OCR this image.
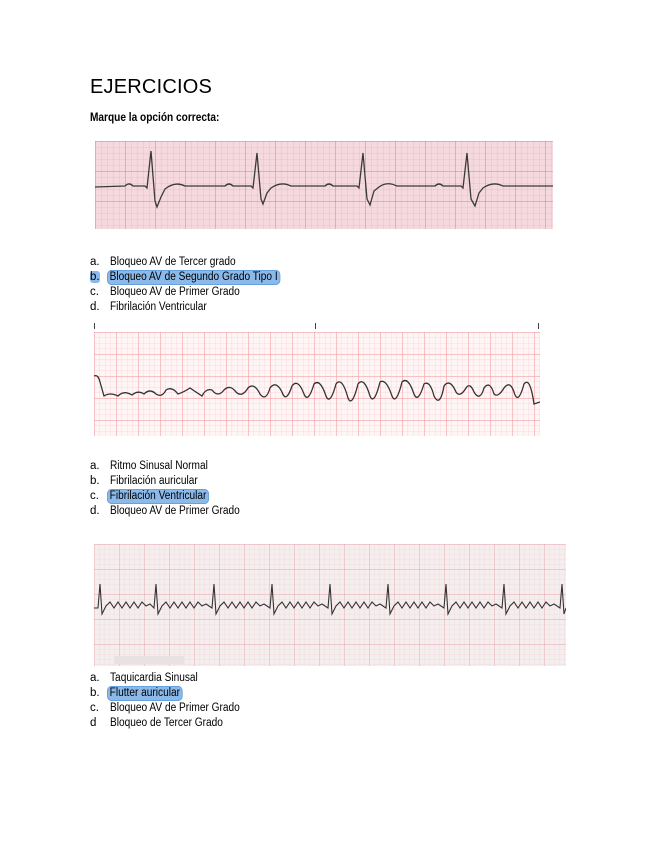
EJERCICIOS
Marque la opción correcta:
a. Bloqueo AV de Tercer grado
b. Bloqueo AV de Segundo Grado Tipo I
c. Bloqueo AV de Primer Grado
d. Fibrilación Ventricular
a. Ritmo Sinusal Normal
b. Fibrilación auricular
c. Fibrilación Ventricular
d. Bloqueo AV de Primer Grado
a. Taquicardia Sinusal
b. Flutter auricular
c. Bloqueo AV de Primer Grado
d Bloqueo de Tercer Grado
